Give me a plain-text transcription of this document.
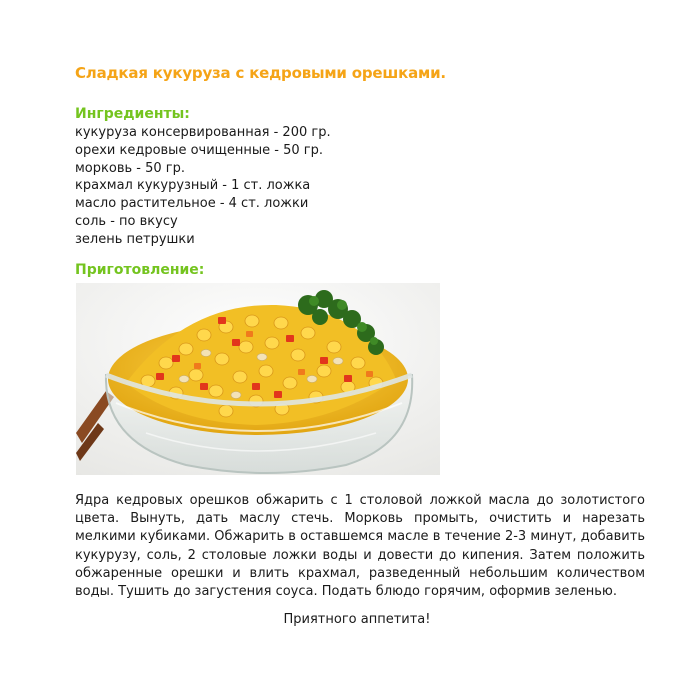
Сладкая кукуруза с кедровыми орешками.
Ингредиенты:
кукуруза консервированная - 200 гр.
орехи кедровые очищенные - 50 гр.
морковь - 50 гр.
крахмал кукурузный - 1 ст. ложка
масло растительное - 4 ст. ложки
соль - по вкусу
зелень петрушки
Приготовление:

Ядра кедровых орешков обжарить с 1 столовой ложкой масла до золотистого цвета. Вынуть, дать маслу стечь. Морковь промыть, очистить и нарезать мелкими кубиками. Обжарить в оставшемся масле в течение 2-3 минут, добавить кукурузу, соль, 2 столовые ложки воды и довести до кипения. Затем положить обжаренные орешки и влить крахмал, разведенный небольшим количеством воды. Тушить до загустения соуса. Подать блюдо горячим, оформив зеленью.

Приятного аппетита!
